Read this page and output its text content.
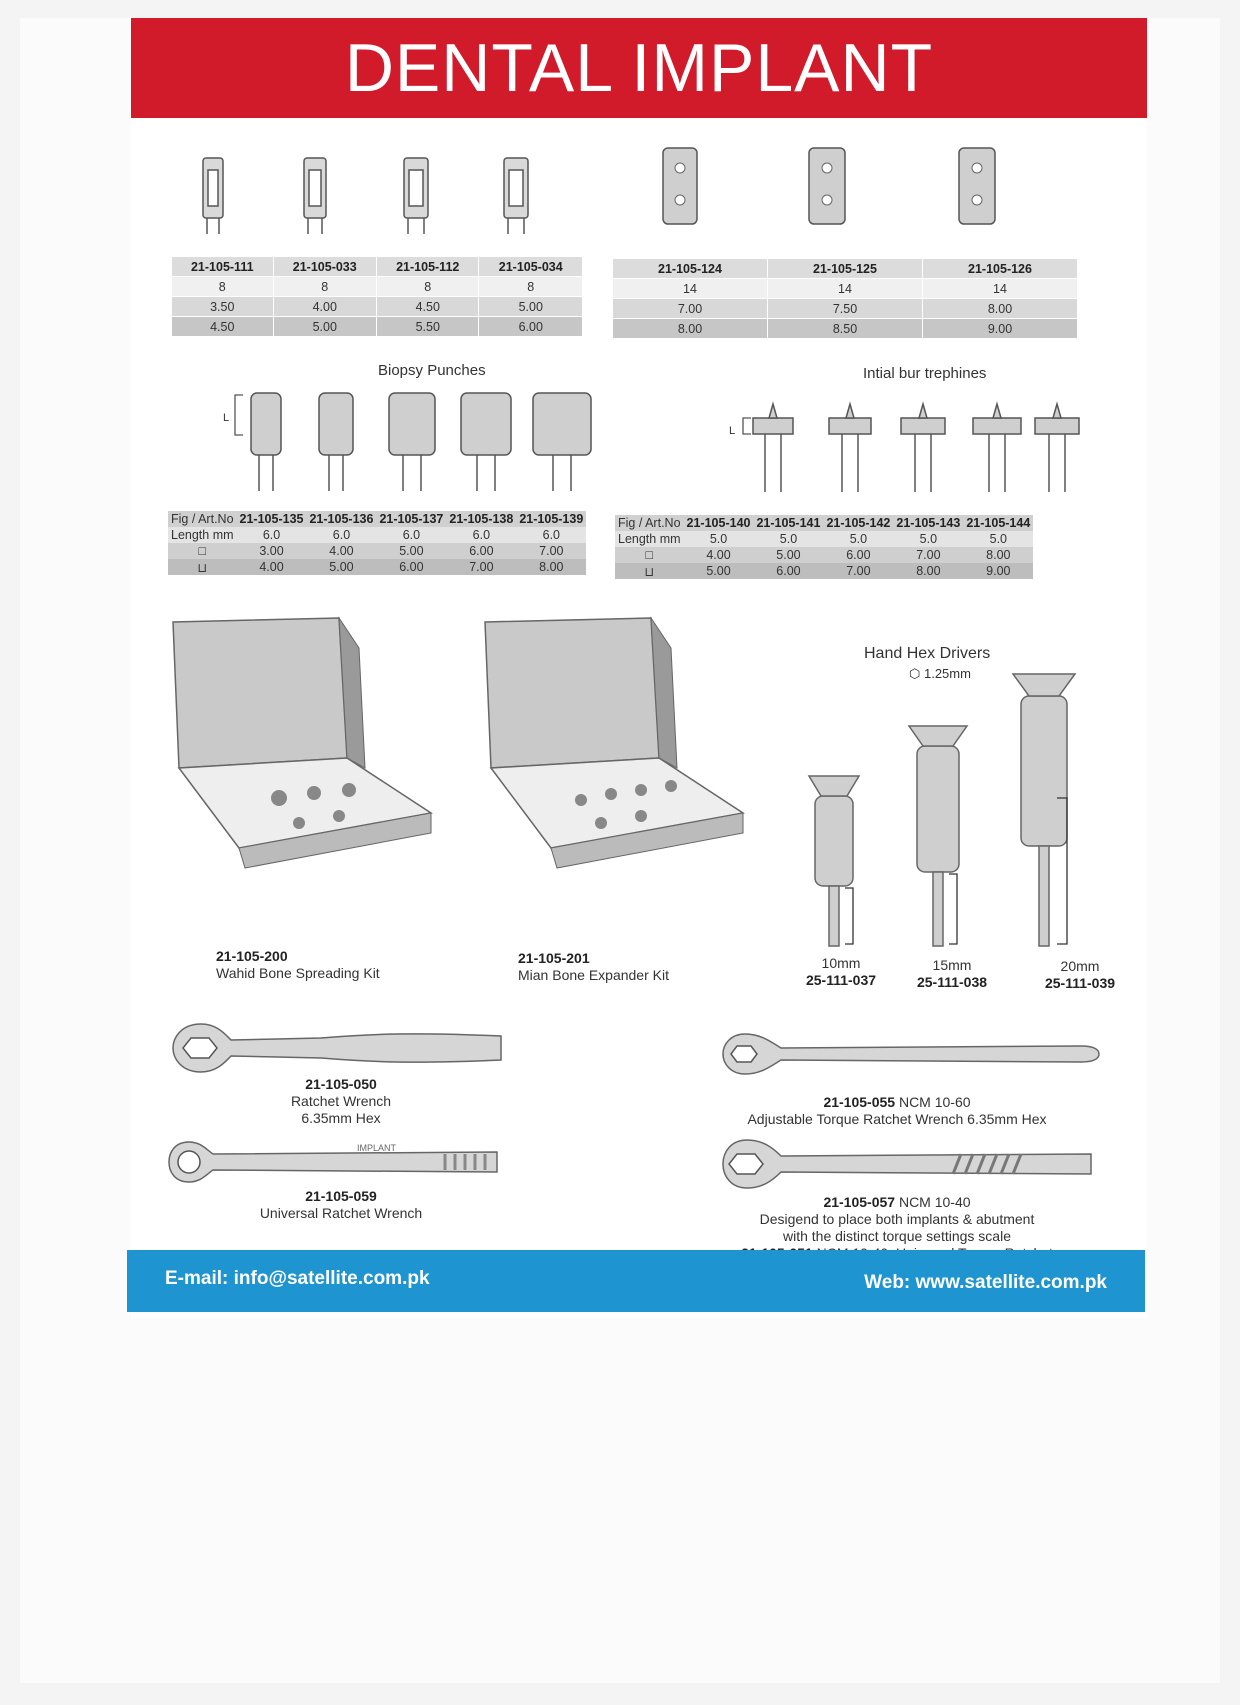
DENTAL IMPLANT
21-105-111	21-105-033	21-105-112	21-105-034
8	8	8	8
3.50	4.00	4.50	5.00
4.50	5.00	5.50	6.00
21-105-124	21-105-125	21-105-126
14	14	14
7.00	7.50	8.00
8.00	8.50	9.00
Biopsy Punches
L
Fig / Art.No	21-105-135	21-105-136	21-105-137	21-105-138	21-105-139
Length mm	6.0	6.0	6.0	6.0	6.0
□	3.00	4.00	5.00	6.00	7.00
⊔	4.00	5.00	6.00	7.00	8.00
Intial bur trephines
L
Fig / Art.No	21-105-140	21-105-141	21-105-142	21-105-143	21-105-144
Length mm	5.0	5.0	5.0	5.0	5.0
□	4.00	5.00	6.00	7.00	8.00
⊔	5.00	6.00	7.00	8.00	9.00
21-105-200
Wahid Bone Spreading Kit
21-105-201
Mian Bone Expander Kit
Hand Hex Drivers
⬡ 1.25mm
10mm
25-111-037
15mm
25-111-038
20mm
25-111-039
21-105-050
Ratchet Wrench
6.35mm Hex
IMPLANT
21-105-059
Universal Ratchet Wrench
21-105-055 NCM 10-60
Adjustable Torque Ratchet Wrench 6.35mm Hex
21-105-057 NCM 10-40
Desigend to place both implants & abutment
with the distinct torque settings scale

E-mail: info@satellite.com.pk	Web: www.satellite.com.pk
